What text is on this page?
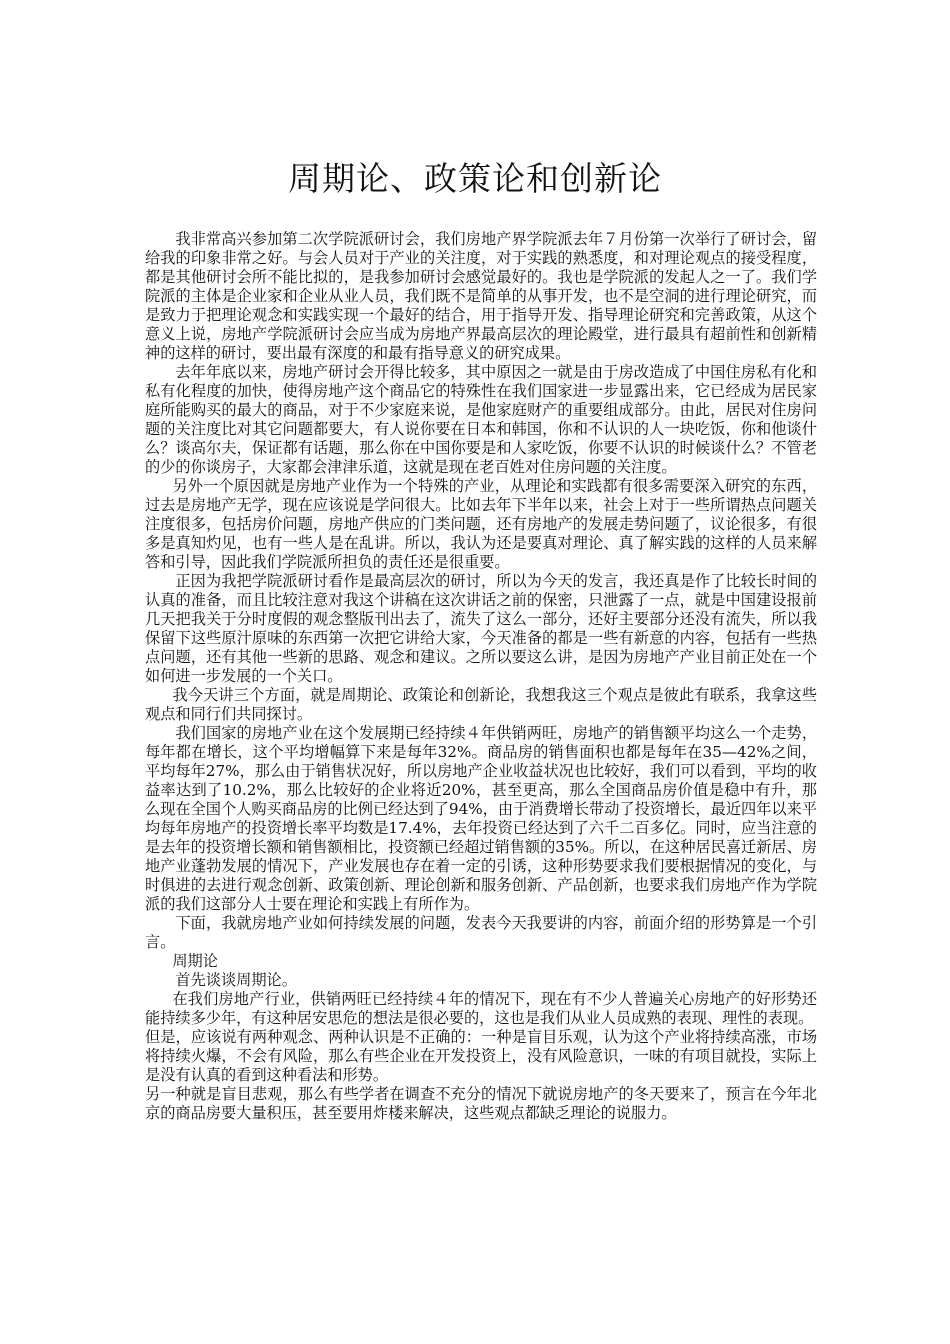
周期论、政策论和创新论

我非常高兴参加第二次学院派研讨会，我们房地产界学院派去年７月份第一次举行了研讨会，留给我的印象非常之好。与会人员对于产业的关注度，对于实践的熟悉度，和对理论观点的接受程度，都是其他研讨会所不能比拟的，是我参加研讨会感觉最好的。我也是学院派的发起人之一了。我们学院派的主体是企业家和企业从业人员，我们既不是简单的从事开发，也不是空洞的进行理论研究，而是致力于把理论观念和实践实现一个最好的结合，用于指导开发、指导理论研究和完善政策，从这个意义上说，房地产学院派研讨会应当成为房地产界最高层次的理论殿堂，进行最具有超前性和创新精神的这样的研讨，要出最有深度的和最有指导意义的研究成果。

去年年底以来，房地产研讨会开得比较多，其中原因之一就是由于房改造成了中国住房私有化和私有化程度的加快，使得房地产这个商品它的特殊性在我们国家进一步显露出来，它已经成为居民家庭所能购买的最大的商品，对于不少家庭来说，是他家庭财产的重要组成部分。由此，居民对住房问题的关注度比对其它问题都要大，有人说你要在日本和韩国，你和不认识的人一块吃饭，你和他谈什么？谈高尔夫，保证都有话题，那么你在中国你要是和人家吃饭，你要不认识的时候谈什么？不管老的少的你谈房子，大家都会津津乐道，这就是现在老百姓对住房问题的关注度。

另外一个原因就是房地产业作为一个特殊的产业，从理论和实践都有很多需要深入研究的东西，过去是房地产无学，现在应该说是学问很大。比如去年下半年以来，社会上对于一些所谓热点问题关注度很多，包括房价问题，房地产供应的门类问题，还有房地产的发展走势问题了，议论很多，有很多是真知灼见，也有一些人是在乱讲。所以，我认为还是要真对理论、真了解实践的这样的人员来解答和引导，因此我们学院派所担负的责任还是很重要。

正因为我把学院派研讨看作是最高层次的研讨，所以为今天的发言，我还真是作了比较长时间的认真的准备，而且比较注意对我这个讲稿在这次讲话之前的保密，只泄露了一点，就是中国建设报前几天把我关于分时度假的观念整版刊出去了，流失了这么一部分，还好主要部分还没有流失，所以我保留下这些原汁原味的东西第一次把它讲给大家，今天准备的都是一些有新意的内容，包括有一些热点问题，还有其他一些新的思路、观念和建议。之所以要这么讲，是因为房地产产业目前正处在一个如何进一步发展的一个关口。

我今天讲三个方面，就是周期论、政策论和创新论，我想我这三个观点是彼此有联系，我拿这些观点和同行们共同探讨。

我们国家的房地产业在这个发展期已经持续４年供销两旺，房地产的销售额平均这么一个走势，每年都在增长，这个平均增幅算下来是每年32%。商品房的销售面积也都是每年在35—42%之间，平均每年27%，那么由于销售状况好，所以房地产企业收益状况也比较好，我们可以看到，平均的收益率达到了10.2%，那么比较好的企业将近20%，甚至更高，那么全国商品房价值是稳中有升，那么现在全国个人购买商品房的比例已经达到了94%，由于消费增长带动了投资增长，最近四年以来平均每年房地产的投资增长率平均数是17.4%，去年投资已经达到了六千二百多亿。同时，应当注意的是去年的投资增长额和销售额相比，投资额已经超过销售额的35%。所以，在这种居民喜迁新居、房地产业蓬勃发展的情况下，产业发展也存在着一定的引诱，这种形势要求我们要根据情况的变化，与时俱进的去进行观念创新、政策创新、理论创新和服务创新、产品创新，也要求我们房地产作为学院派的我们这部分人士要在理论和实践上有所作为。

下面，我就房地产业如何持续发展的问题，发表今天我要讲的内容，前面介绍的形势算是一个引言。

周期论

首先谈谈周期论。

在我们房地产行业，供销两旺已经持续４年的情况下，现在有不少人普遍关心房地产的好形势还能持续多少年，有这种居安思危的想法是很必要的，这也是我们从业人员成熟的表现、理性的表现。

但是，应该说有两种观念、两种认识是不正确的：一种是盲目乐观，认为这个产业将持续高涨，市场将持续火爆，不会有风险，那么有些企业在开发投资上，没有风险意识，一味的有项目就投，实际上是没有认真的看到这种看法和形势。

另一种就是盲目悲观，那么有些学者在调查不充分的情况下就说房地产的冬天要来了，预言在今年北京的商品房要大量积压，甚至要用炸楼来解决，这些观点都缺乏理论的说服力。
